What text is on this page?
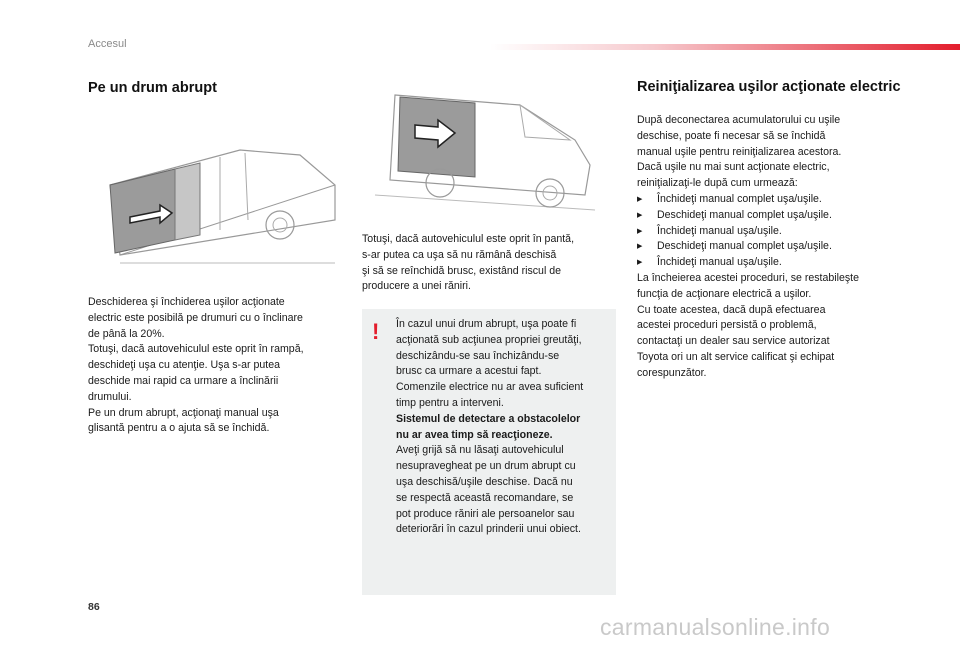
Accesul
Pe un drum abrupt
Deschiderea şi închiderea uşilor acţionate
electric este posibilă pe drumuri cu o înclinare
de până la 20%.
Totuşi, dacă autovehiculul este oprit în rampă,
deschideţi uşa cu atenţie. Uşa s-ar putea
deschide mai rapid ca urmare a înclinării
drumului.
Pe un drum abrupt, acţionaţi manual uşa
glisantă pentru a o ajuta să se închidă.
Totuşi, dacă autovehiculul este oprit în pantă,
s-ar putea ca uşa să nu rămână deschisă
şi să se reînchidă brusc, existând riscul de
producere a unei răniri.
! În cazul unui drum abrupt, uşa poate fi
acţionată sub acţiunea propriei greutăţi,
deschizându-se sau închizându-se
brusc ca urmare a acestui fapt.
Comenzile electrice nu ar avea suficient
timp pentru a interveni.
Sistemul de detectare a obstacolelor
nu ar avea timp să reacţioneze.
Aveţi grijă să nu lăsaţi autovehiculul
nesupravegheat pe un drum abrupt cu
uşa deschisă/uşile deschise. Dacă nu
se respectă această recomandare, se
pot produce răniri ale persoanelor sau
deteriorări în cazul prinderii unui obiect.
Reiniţializarea uşilor acţionate electric
După deconectarea acumulatorului cu uşile
deschise, poate fi necesar să se închidă
manual uşile pentru reiniţializarea acestora.
Dacă uşile nu mai sunt acţionate electric,
reiniţializaţi-le după cum urmează:
▶ Închideţi manual complet uşa/uşile.
▶ Deschideţi manual complet uşa/uşile.
▶ Închideţi manual uşa/uşile.
▶ Deschideţi manual complet uşa/uşile.
▶ Închideţi manual uşa/uşile.
La încheierea acestei proceduri, se restabileşte
funcţia de acţionare electrică a uşilor.
Cu toate acestea, dacă după efectuarea
acestei proceduri persistă o problemă,
contactaţi un dealer sau service autorizat
Toyota ori un alt service calificat şi echipat
corespunzător.
86
carmanualsonline.info
